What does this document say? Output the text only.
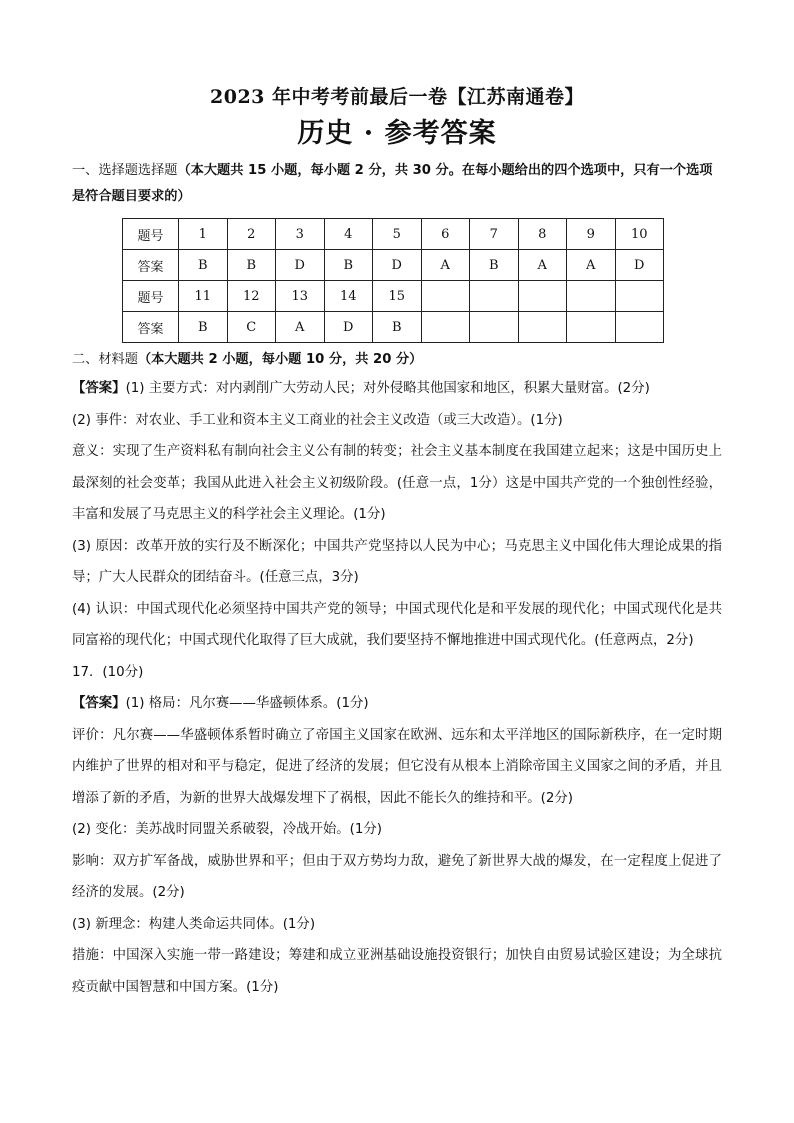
2023 年中考考前最后一卷【江苏南通卷】
历史 · 参考答案

一、选择题选择题（本大题共 15 小题，每小题 2 分，共 30 分。在每小题给出的四个选项中，只有一个选项是符合题目要求的）

题号	1	2	3	4	5	6	7	8	9	10
答案	B	B	D	B	D	A	B	A	A	D
题号	11	12	13	14	15					
答案	B	C	A	D	B					

二、材料题（本大题共 2 小题，每小题 10 分，共 20 分）

【答案】(1) 主要方式：对内剥削广大劳动人民；对外侵略其他国家和地区，积累大量财富。(2分)

(2) 事件：对农业、手工业和资本主义工商业的社会主义改造（或三大改造）。(1分)

意义：实现了生产资料私有制向社会主义公有制的转变；社会主义基本制度在我国建立起来；这是中国历史上最深刻的社会变革；我国从此进入社会主义初级阶段。(任意一点，1分）这是中国共产党的一个独创性经验，丰富和发展了马克思主义的科学社会主义理论。(1分)

(3) 原因：改革开放的实行及不断深化；中国共产党坚持以人民为中心；马克思主义中国化伟大理论成果的指导；广大人民群众的团结奋斗。(任意三点，3分)

(4) 认识：中国式现代化必须坚持中国共产党的领导；中国式现代化是和平发展的现代化；中国式现代化是共同富裕的现代化；中国式现代化取得了巨大成就，我们要坚持不懈地推进中国式现代化。(任意两点，2分)

17．(10分)

【答案】(1) 格局：凡尔赛——华盛顿体系。(1分)

评价：凡尔赛——华盛顿体系暂时确立了帝国主义国家在欧洲、远东和太平洋地区的国际新秩序，在一定时期内维护了世界的相对和平与稳定，促进了经济的发展；但它没有从根本上消除帝国主义国家之间的矛盾，并且增添了新的矛盾，为新的世界大战爆发埋下了祸根，因此不能长久的维持和平。(2分)

(2) 变化：美苏战时同盟关系破裂，冷战开始。(1分)

影响：双方扩军备战，威胁世界和平；但由于双方势均力敌，避免了新世界大战的爆发，在一定程度上促进了经济的发展。(2分)

(3) 新理念：构建人类命运共同体。(1分)

措施：中国深入实施一带一路建设；筹建和成立亚洲基础设施投资银行；加快自由贸易试验区建设；为全球抗疫贡献中国智慧和中国方案。(1分)
